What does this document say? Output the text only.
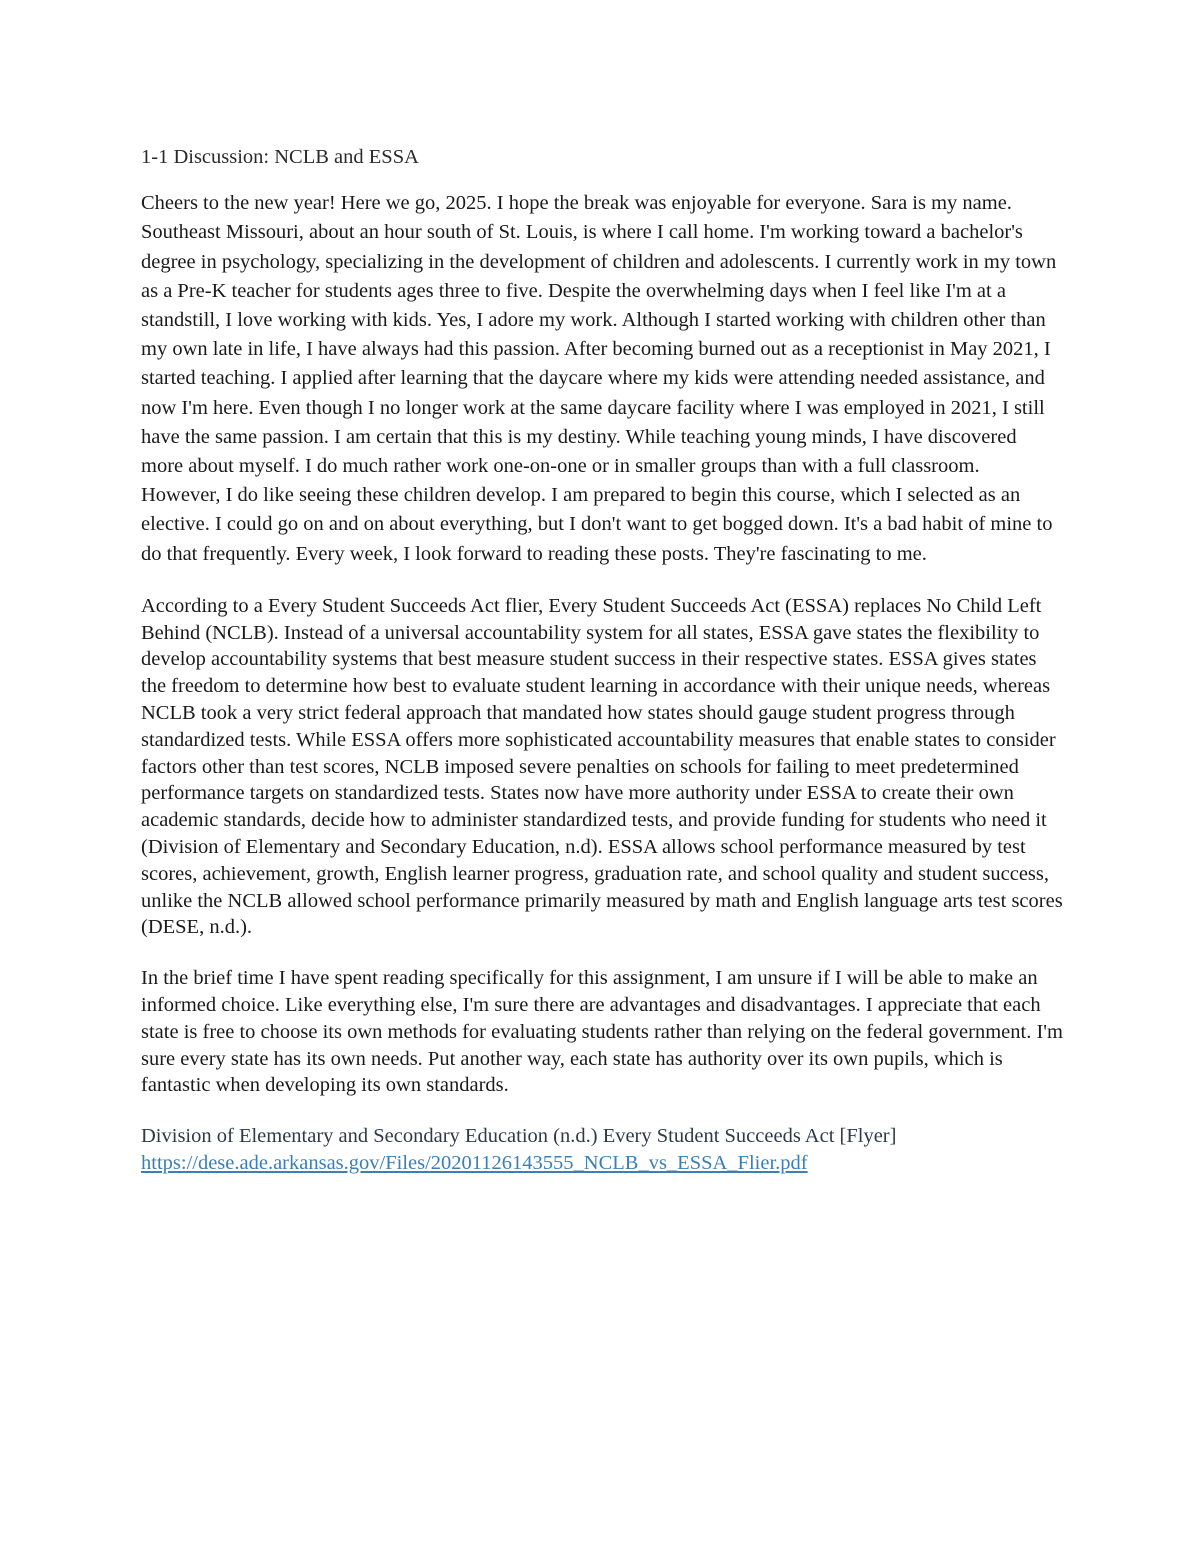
1-1 Discussion: NCLB and ESSA

Cheers to the new year! Here we go, 2025. I hope the break was enjoyable for everyone. Sara is my name. Southeast Missouri, about an hour south of St. Louis, is where I call home. I'm working toward a bachelor's degree in psychology, specializing in the development of children and adolescents. I currently work in my town as a Pre-K teacher for students ages three to five. Despite the overwhelming days when I feel like I'm at a standstill, I love working with kids. Yes, I adore my work. Although I started working with children other than my own late in life, I have always had this passion. After becoming burned out as a receptionist in May 2021, I started teaching. I applied after learning that the daycare where my kids were attending needed assistance, and now I'm here. Even though I no longer work at the same daycare facility where I was employed in 2021, I still have the same passion. I am certain that this is my destiny. While teaching young minds, I have discovered more about myself. I do much rather work one-on-one or in smaller groups than with a full classroom. However, I do like seeing these children develop. I am prepared to begin this course, which I selected as an elective. I could go on and on about everything, but I don't want to get bogged down. It's a bad habit of mine to do that frequently. Every week, I look forward to reading these posts. They're fascinating to me.

According to a Every Student Succeeds Act flier, Every Student Succeeds Act (ESSA) replaces No Child Left Behind (NCLB). Instead of a universal accountability system for all states, ESSA gave states the flexibility to develop accountability systems that best measure student success in their respective states. ESSA gives states the freedom to determine how best to evaluate student learning in accordance with their unique needs, whereas NCLB took a very strict federal approach that mandated how states should gauge student progress through standardized tests. While ESSA offers more sophisticated accountability measures that enable states to consider factors other than test scores, NCLB imposed severe penalties on schools for failing to meet predetermined performance targets on standardized tests. States now have more authority under ESSA to create their own academic standards, decide how to administer standardized tests, and provide funding for students who need it (Division of Elementary and Secondary Education, n.d). ESSA allows school performance measured by test scores, achievement, growth, English learner progress, graduation rate, and school quality and student success, unlike the NCLB allowed school performance primarily measured by math and English language arts test scores (DESE, n.d.).

In the brief time I have spent reading specifically for this assignment, I am unsure if I will be able to make an informed choice. Like everything else, I'm sure there are advantages and disadvantages. I appreciate that each state is free to choose its own methods for evaluating students rather than relying on the federal government. I'm sure every state has its own needs. Put another way, each state has authority over its own pupils, which is fantastic when developing its own standards.

Division of Elementary and Secondary Education (n.d.) Every Student Succeeds Act [Flyer]
https://dese.ade.arkansas.gov/Files/20201126143555_NCLB_vs_ESSA_Flier.pdf
